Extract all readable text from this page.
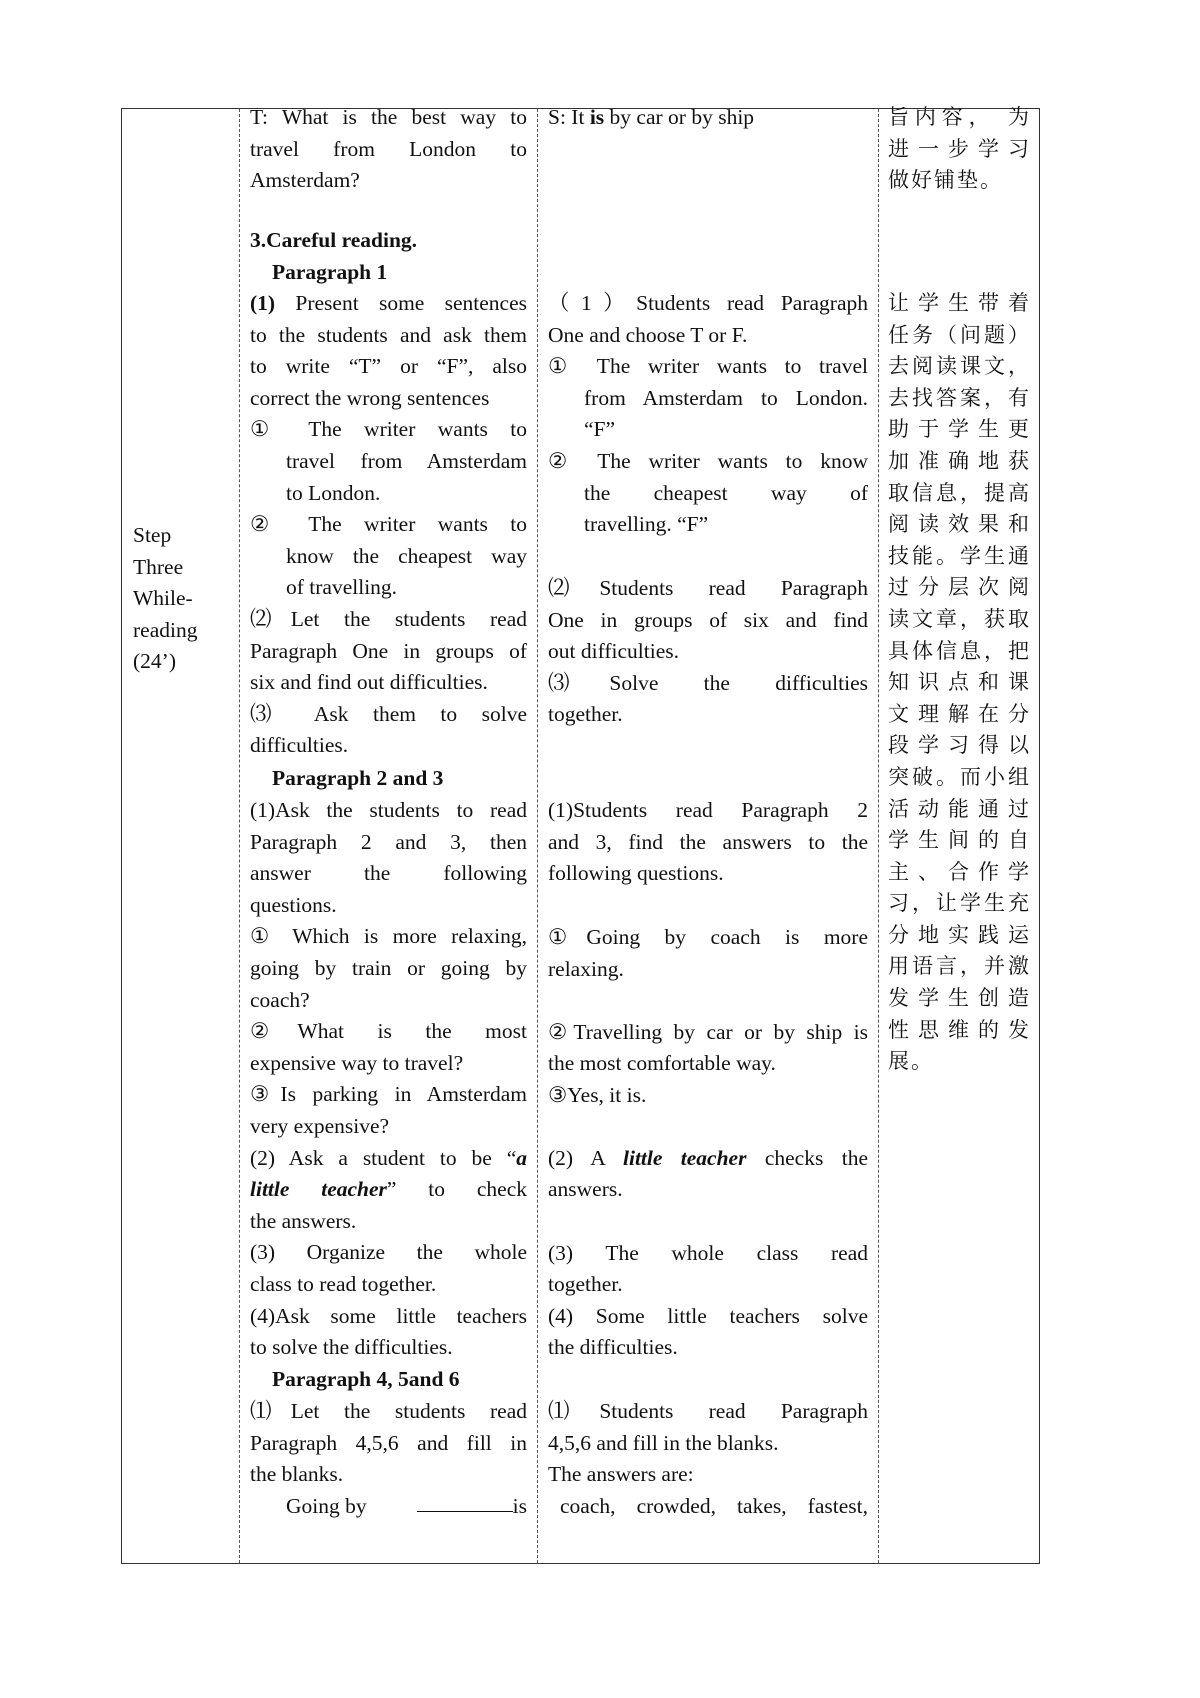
Step
Three
While-
reading
(24’)
T: What is the best way to
travel from London to
Amsterdam?
3.Careful reading.
Paragraph 1
(1) Present some sentences
to the students and ask them
to write “T” or “F”, also
correct the wrong sentences
① The writer wants to
travel from Amsterdam
to London.
② The writer wants to
know the cheapest way
of travelling.
⑵Let the students read
Paragraph One in groups of
six and find out difficulties.
⑶ Ask them to solve
difficulties.
Paragraph 2 and 3
(1)Ask the students to read
Paragraph 2 and 3, then
answer the following
questions.
① Which is more relaxing,
going by train or going by
coach?
②What is the most
expensive way to travel?
③Is parking in Amsterdam
very expensive?
(2) Ask a student to be “a
little teacher” to check
the answers.
(3) Organize the whole
class to read together.
(4)Ask some little teachers
to solve the difficulties.
Paragraph 4, 5and 6
⑴Let the students read
Paragraph 4,5,6 and fill in
the blanks.
Going by	is
S: It is by car or by ship
（1）Students read Paragraph
One and choose T or F.
① The writer wants to travel
from Amsterdam to London.
“F”
② The writer wants to know
the cheapest way of
travelling. “F”
⑵Students read Paragraph
One in groups of six and find
out difficulties.
⑶Solve the difficulties
together.
(1)Students read Paragraph 2
and 3, find the answers to the
following questions.
①Going by coach is more
relaxing.
②Travelling by car or by ship is
the most comfortable way.
③Yes, it is.
(2) A little teacher checks the
answers.
(3) The whole class read
together.
(4) Some little teachers solve
the difficulties.
⑴Students read Paragraph
4,5,6 and fill in the blanks.
The answers are:
coach, crowded, takes, fastest,
旨内容， 为
进一步学习
做好铺垫。
让学生带着
任务（问题）
去阅读课文，
去找答案，有
助于学生更
加准确地获
取信息，提高
阅读效果和
技能。学生通
过分层次阅
读文章，获取
具体信息，把
知识点和课
文理解在分
段学习得以
突破。而小组
活动能通过
学生间的自
主、合作学
习，让学生充
分地实践运
用语言，并激
发学生创造
性思维的发
展。
